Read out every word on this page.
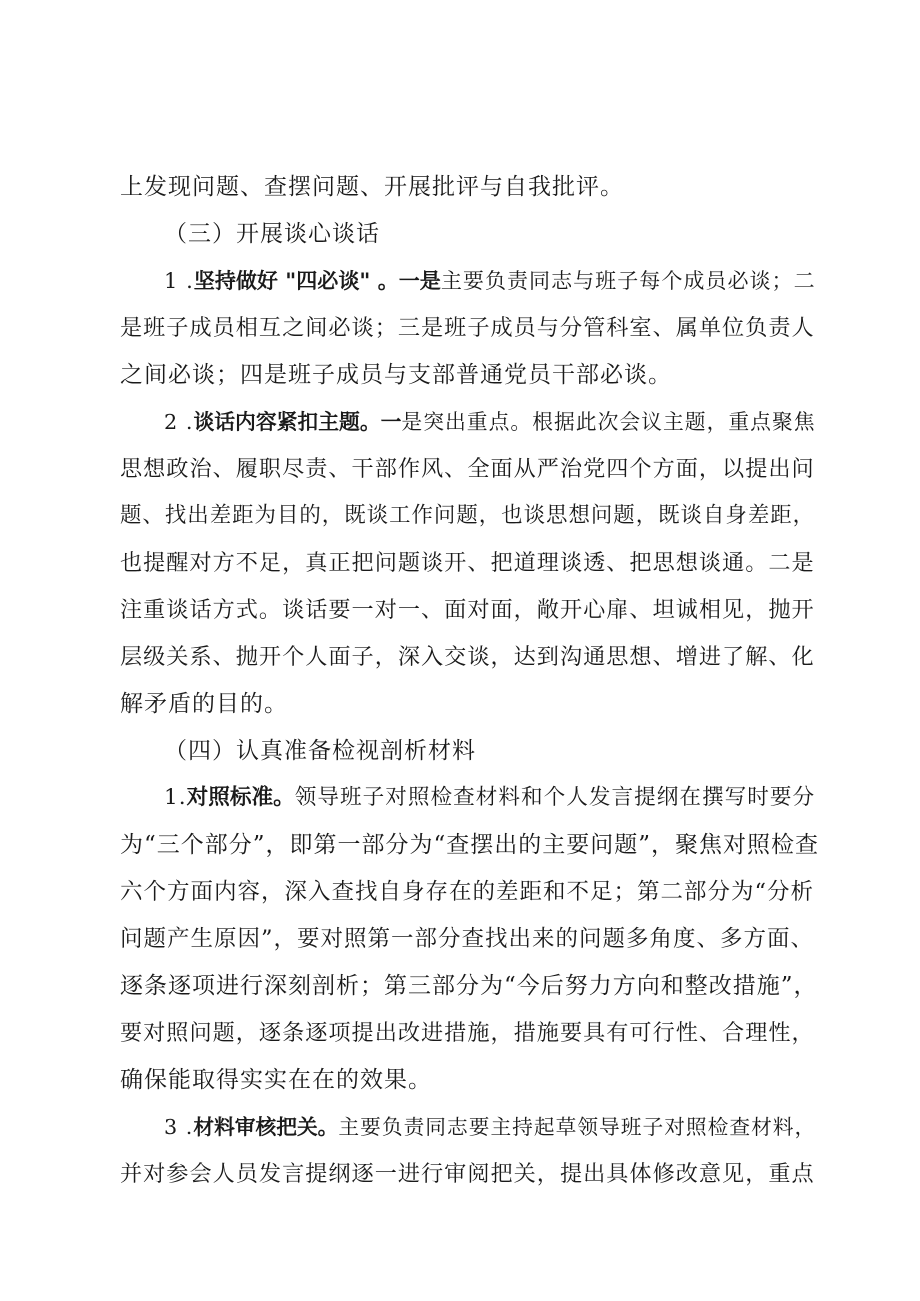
上发现问题、查摆问题、开展批评与自我批评。
（三）开展谈心谈话
1 .坚持做好 "四必谈" 。一是主要负责同志与班子每个成员必谈；二
是班子成员相互之间必谈；三是班子成员与分管科室、属单位负责人
之间必谈；四是班子成员与支部普通党员干部必谈。
2 .谈话内容紧扣主题。一是突出重点。根据此次会议主题，重点聚焦
思想政治、履职尽责、干部作风、全面从严治党四个方面，以提出问
题、找出差距为目的，既谈工作问题，也谈思想问题，既谈自身差距，
也提醒对方不足，真正把问题谈开、把道理谈透、把思想谈通。二是
注重谈话方式。谈话要一对一、面对面，敞开心扉、坦诚相见，抛开
层级关系、抛开个人面子，深入交谈，达到沟通思想、增进了解、化
解矛盾的目的。
（四）认真准备检视剖析材料
1.对照标准。领导班子对照检查材料和个人发言提纲在撰写时要分
为“三个部分”，即第一部分为“查摆出的主要问题”，聚焦对照检查
六个方面内容，深入查找自身存在的差距和不足；第二部分为“分析
问题产生原因”，要对照第一部分查找出来的问题多角度、多方面、
逐条逐项进行深刻剖析；第三部分为“今后努力方向和整改措施”，
要对照问题，逐条逐项提出改进措施，措施要具有可行性、合理性，
确保能取得实实在在的效果。
3 .材料审核把关。主要负责同志要主持起草领导班子对照检查材料，
并对参会人员发言提纲逐一进行审阅把关，提出具体修改意见，重点
